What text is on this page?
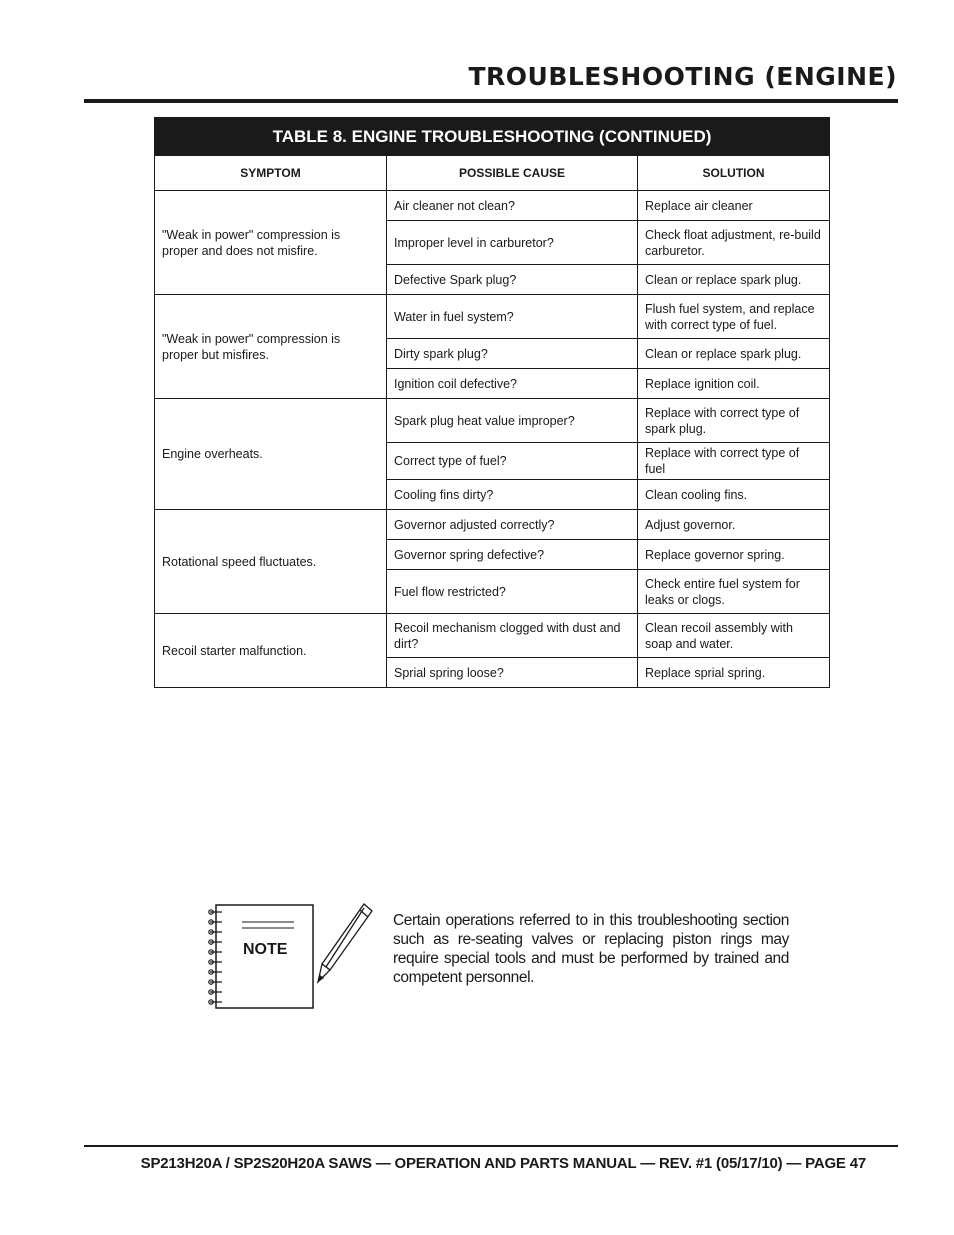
TROUBLESHOOTING (ENGINE)
TABLE 8. ENGINE TROUBLESHOOTING (CONTINUED)		
SYMPTOM	POSSIBLE CAUSE	SOLUTION
"Weak in power" compression is proper and does not misfire.	Air cleaner not clean?	Replace air cleaner
	Improper level in carburetor?	Check float adjustment, re-build carburetor.
	Defective Spark plug?	Clean or replace spark plug.
"Weak in power" compression is proper but misfires.	Water in fuel system?	Flush fuel system, and replace with correct type of fuel.
	Dirty spark plug?	Clean or replace spark plug.
	Ignition coil defective?	Replace ignition coil.
Engine overheats.	Spark plug heat value improper?	Replace with correct type of spark plug.
	Correct type of fuel?	Replace with correct type of fuel
	Cooling fins dirty?	Clean cooling fins.
Rotational speed fluctuates.	Governor adjusted correctly?	Adjust governor.
	Governor spring defective?	Replace governor spring.
	Fuel flow restricted?	Check entire fuel system for leaks or clogs.
Recoil starter malfunction.	Recoil mechanism clogged with dust and dirt?	Clean recoil assembly with soap and water.
	Sprial spring loose?	Replace sprial spring.
NOTE

Certain operations referred to in this troubleshooting section such as re-seating valves or replacing piston rings may require special tools and must be performed by trained and competent personnel.

SP213H20A / SP2S20H20A SAWS — OPERATION AND PARTS MANUAL — REV. #1 (05/17/10) — PAGE 47
